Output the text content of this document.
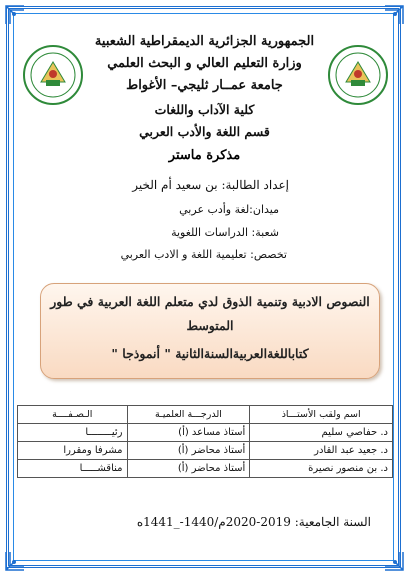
الجمهورية الجزائرية الديمقراطية الشعبية
وزارة التعليم العالي و البحث العلمي
جامعة عمــار ثليجي– الأغواط
كلية الآداب واللغات
قسم اللغة والأدب العربي
مذكرة ماستر
إعداد الطالبة: بن سعيد أم الخير
ميدان:لغة وأدب عربي
شعبة: الدراسات اللغوية
تخصص: تعليمية اللغة و الادب العربي
النصوص الادبية وتنمية الذوق لدي متعلم اللغة العربية في طور
المتوسط
كتاباللغةالعربيةالسنةالثانية " أنموذجا "
اسم ولقب الأستـــاذ	الدرجـــة العلميـة	الـصـفــــة
د. حفاصي سليم	أستاذ مساعد (أ)	رئيــــــــا
د. جعيد عبد القادر	أستاذ محاضر (أ)	مشرفا ومقررا
د. بن منصور نصيرة	أستاذ محاضر (أ)	مناقشـــــا
السنة الجامعية: 2019-2020م/1440-_1441ه
